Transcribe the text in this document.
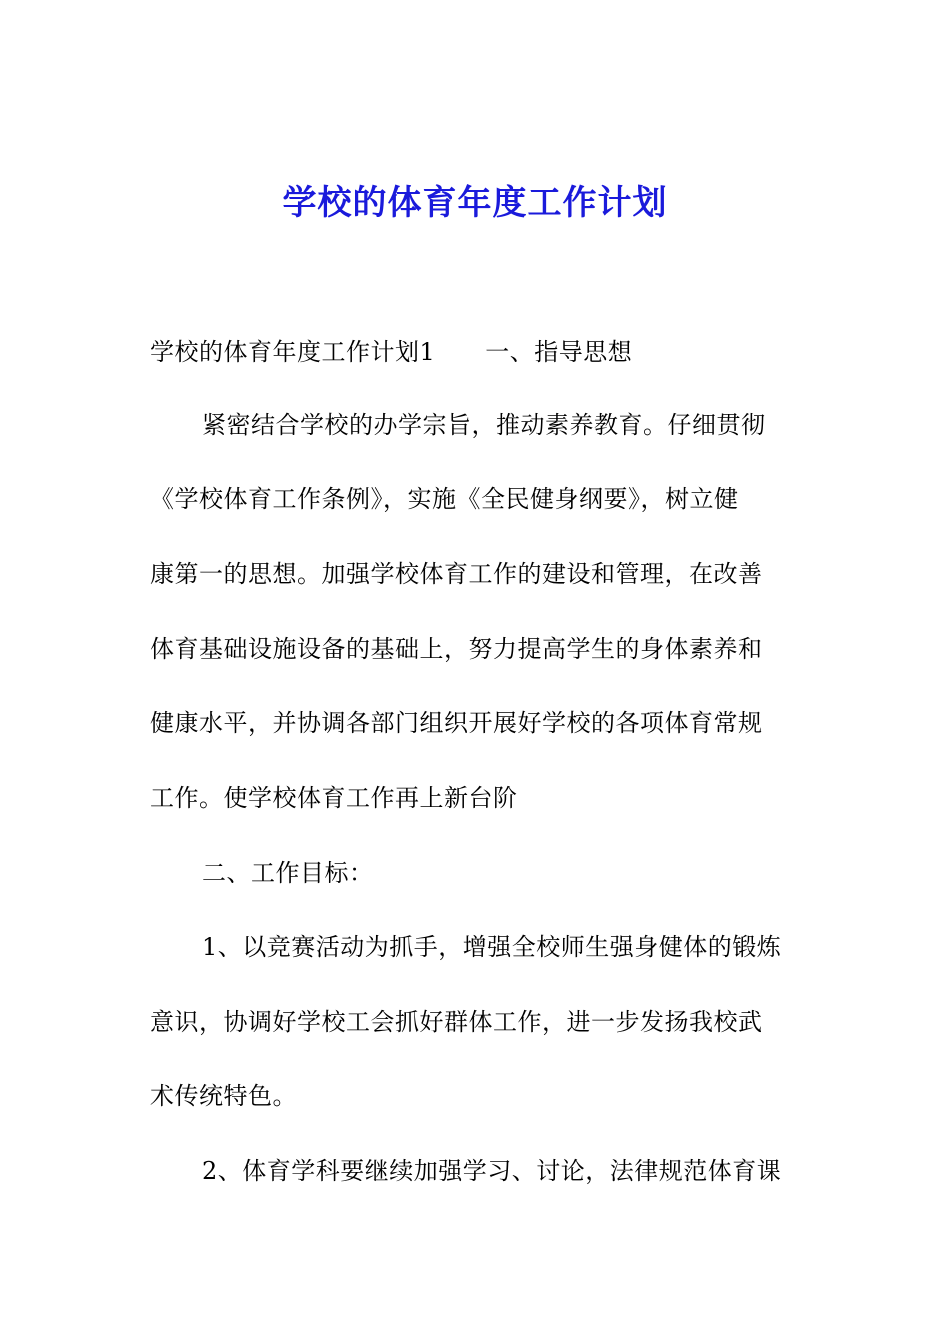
学校的体育年度工作计划
学校的体育年度工作计划1 一、指导思想
紧密结合学校的办学宗旨，推动素养教育。仔细贯彻
《学校体育工作条例》，实施《全民健身纲要》，树立健
康第一的思想。加强学校体育工作的建设和管理，在改善
体育基础设施设备的基础上，努力提高学生的身体素养和
健康水平，并协调各部门组织开展好学校的各项体育常规
工作。使学校体育工作再上新台阶
二、工作目标：
1、以竞赛活动为抓手，增强全校师生强身健体的锻炼
意识，协调好学校工会抓好群体工作，进一步发扬我校武
术传统特色。
2、体育学科要继续加强学习、讨论，法律规范体育课
